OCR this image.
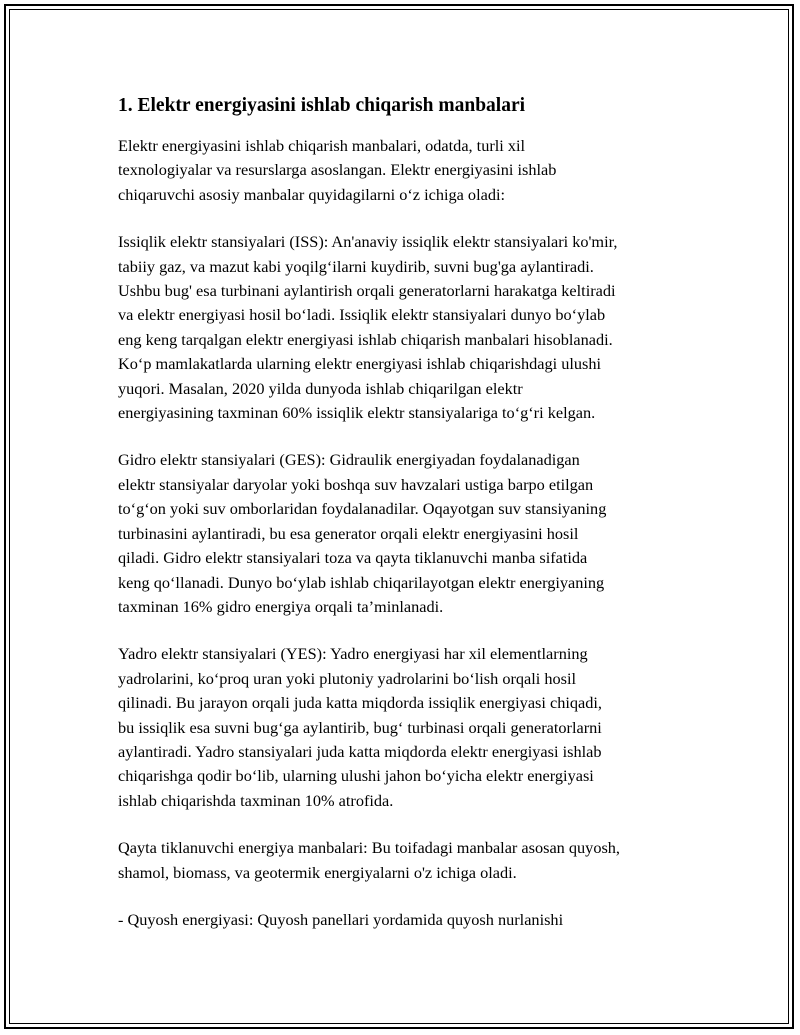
1. Elektr energiyasini ishlab chiqarish manbalari

Elektr energiyasini ishlab chiqarish manbalari, odatda, turli xil
texnologiyalar va resurslarga asoslangan. Elektr energiyasini ishlab
chiqaruvchi asosiy manbalar quyidagilarni o‘z ichiga oladi:

Issiqlik elektr stansiyalari (ISS): An'anaviy issiqlik elektr stansiyalari ko'mir,
tabiiy gaz, va mazut kabi yoqilg‘ilarni kuydirib, suvni bug'ga aylantiradi.
Ushbu bug' esa turbinani aylantirish orqali generatorlarni harakatga keltiradi
va elektr energiyasi hosil bo‘ladi. Issiqlik elektr stansiyalari dunyo bo‘ylab
eng keng tarqalgan elektr energiyasi ishlab chiqarish manbalari hisoblanadi.
Ko‘p mamlakatlarda ularning elektr energiyasi ishlab chiqarishdagi ulushi
yuqori. Masalan, 2020 yilda dunyoda ishlab chiqarilgan elektr
energiyasining taxminan 60% issiqlik elektr stansiyalariga to‘g‘ri kelgan.

Gidro elektr stansiyalari (GES): Gidraulik energiyadan foydalanadigan
elektr stansiyalar daryolar yoki boshqa suv havzalari ustiga barpo etilgan
to‘g‘on yoki suv omborlaridan foydalanadilar. Oqayotgan suv stansiyaning
turbinasini aylantiradi, bu esa generator orqali elektr energiyasini hosil
qiladi. Gidro elektr stansiyalari toza va qayta tiklanuvchi manba sifatida
keng qo‘llanadi. Dunyo bo‘ylab ishlab chiqarilayotgan elektr energiyaning
taxminan 16% gidro energiya orqali ta’minlanadi.

Yadro elektr stansiyalari (YES): Yadro energiyasi har xil elementlarning
yadrolarini, ko‘proq uran yoki plutoniy yadrolarini bo‘lish orqali hosil
qilinadi. Bu jarayon orqali juda katta miqdorda issiqlik energiyasi chiqadi,
bu issiqlik esa suvni bug‘ga aylantirib, bug‘ turbinasi orqali generatorlarni
aylantiradi. Yadro stansiyalari juda katta miqdorda elektr energiyasi ishlab
chiqarishga qodir bo‘lib, ularning ulushi jahon bo‘yicha elektr energiyasi
ishlab chiqarishda taxminan 10% atrofida.

Qayta tiklanuvchi energiya manbalari: Bu toifadagi manbalar asosan quyosh,
shamol, biomass, va geotermik energiyalarni o'z ichiga oladi.

- Quyosh energiyasi: Quyosh panellari yordamida quyosh nurlanishi
